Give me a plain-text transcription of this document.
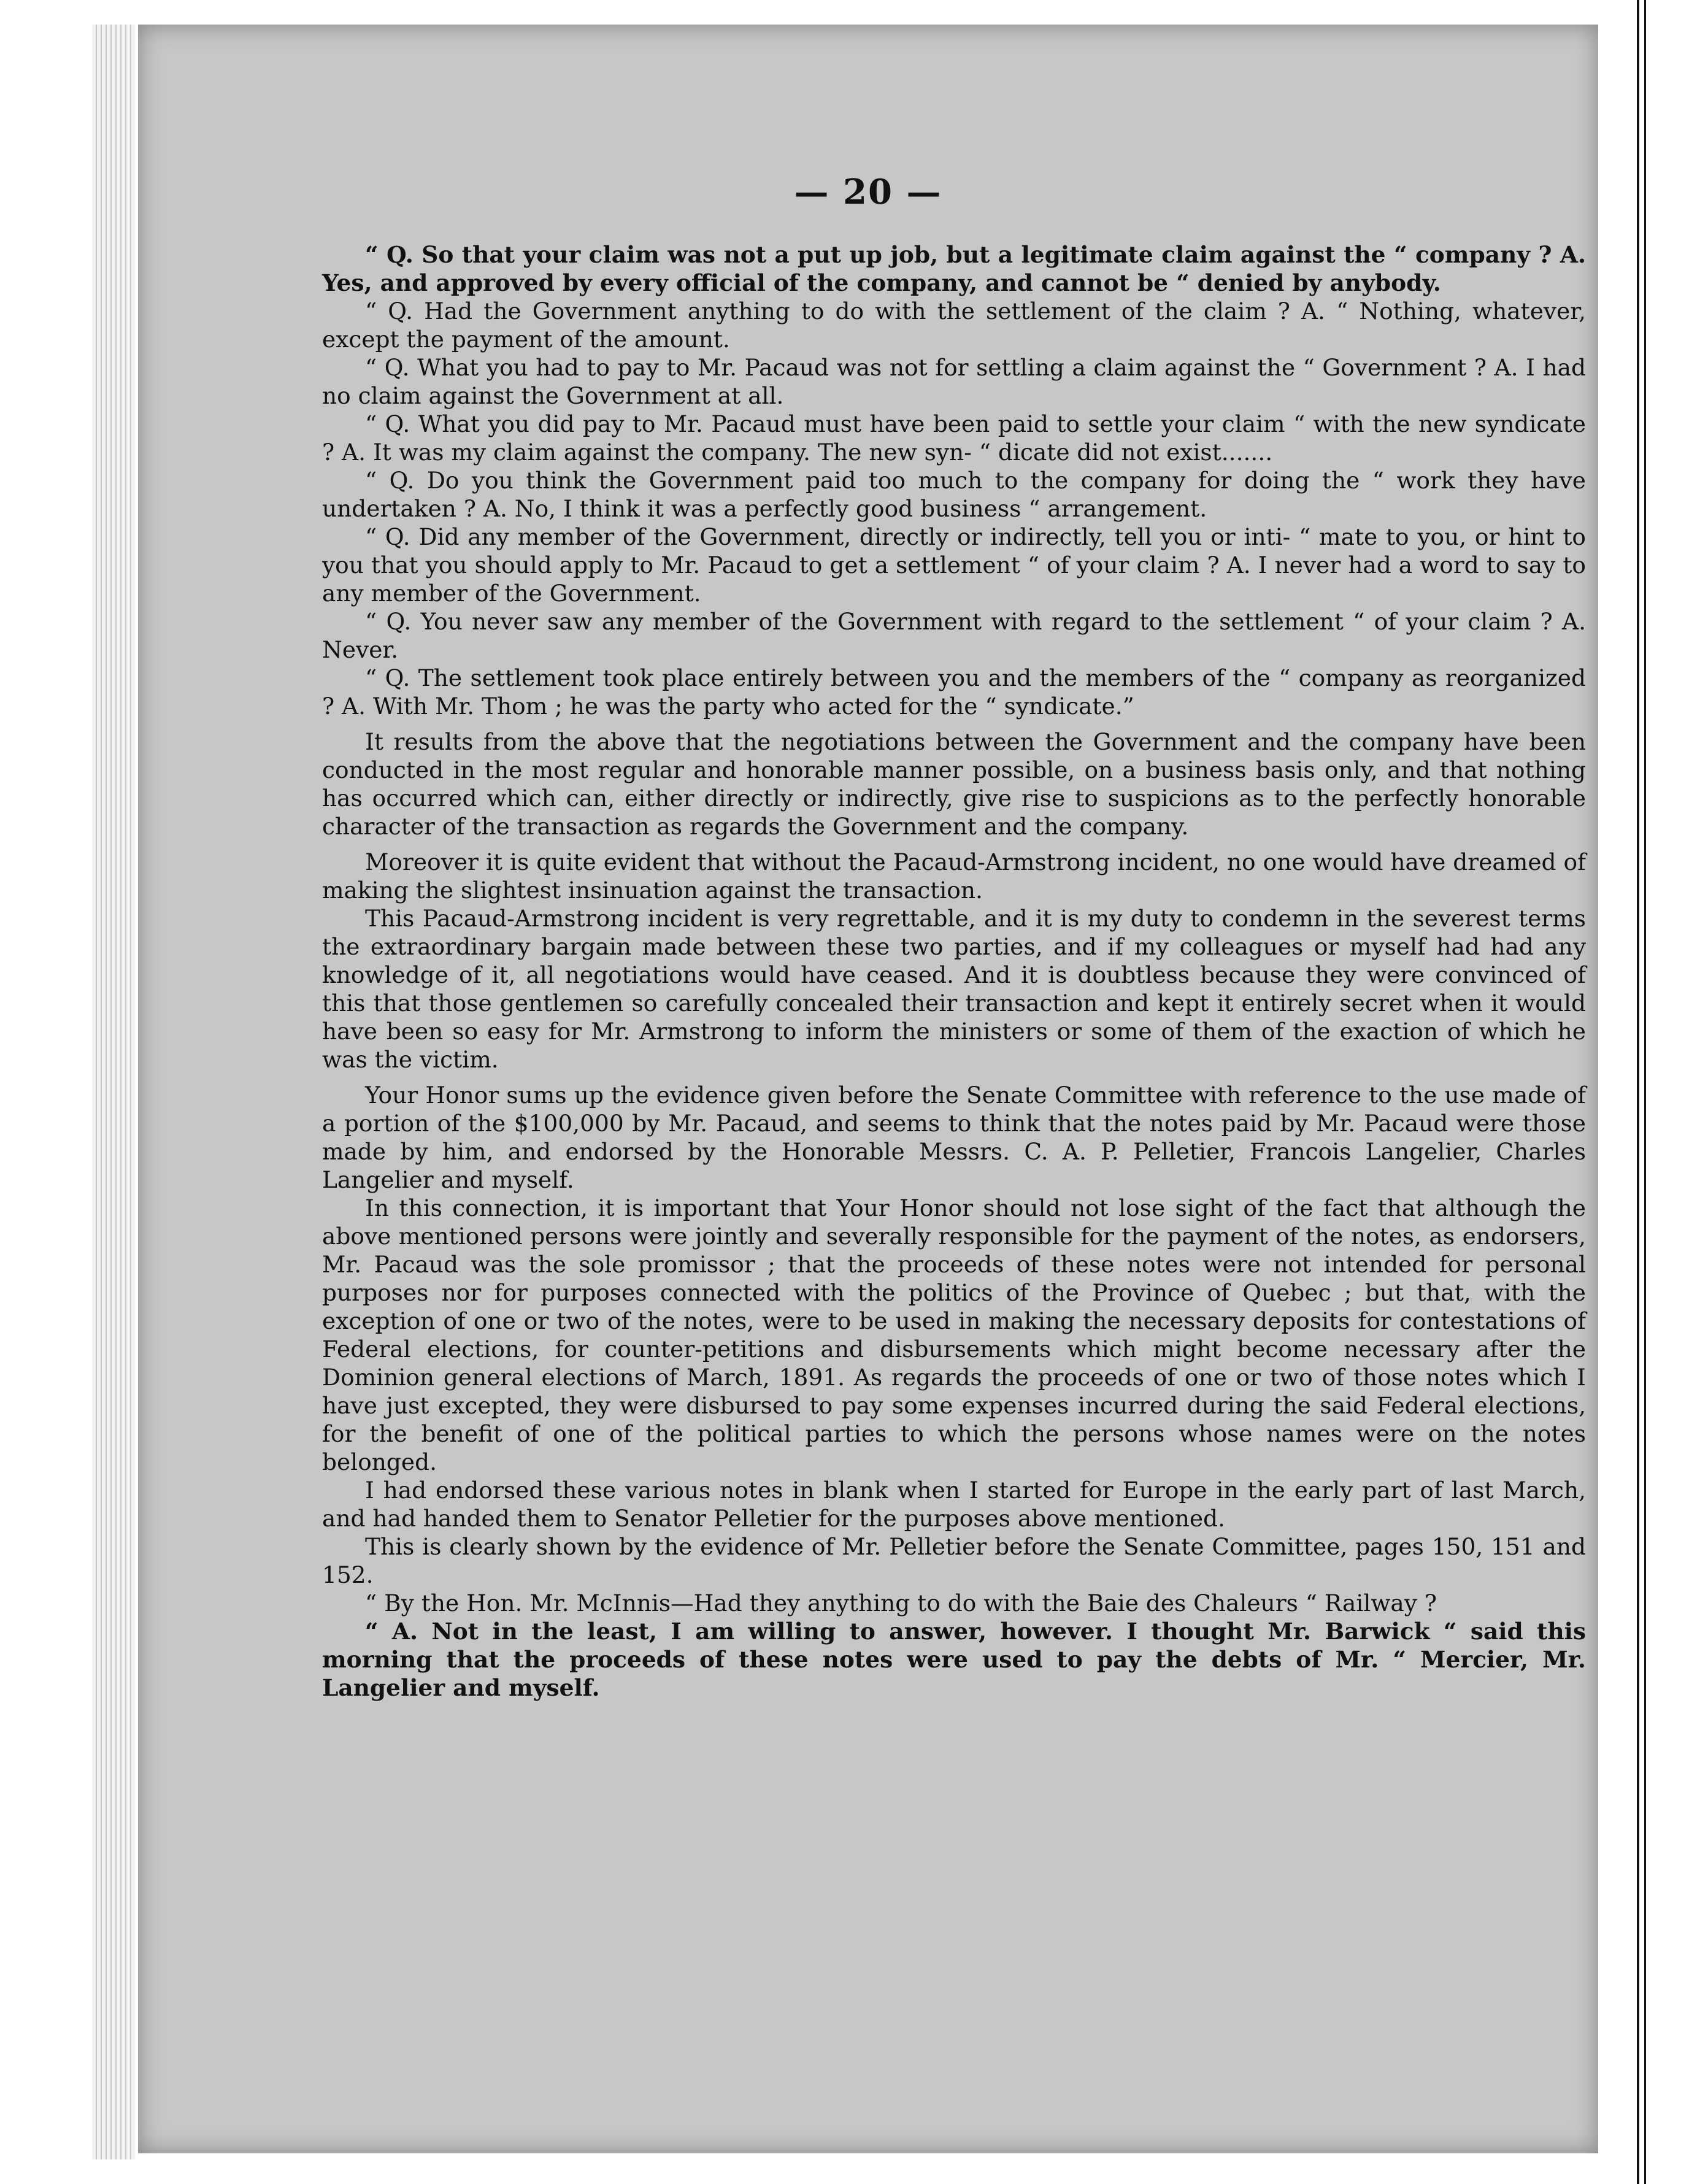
— 20 —

“ Q. So that your claim was not a put up job, but a legitimate claim against the “ company ? A. Yes, and approved by every official of the company, and cannot be “ denied by anybody.

“ Q. Had the Government anything to do with the settlement of the claim ? A. “ Nothing, whatever, except the payment of the amount.

“ Q. What you had to pay to Mr. Pacaud was not for settling a claim against the “ Government ? A. I had no claim against the Government at all.

“ Q. What you did pay to Mr. Pacaud must have been paid to settle your claim “ with the new syndicate ? A. It was my claim against the company. The new syn- “ dicate did not exist.......

“ Q. Do you think the Government paid too much to the company for doing the “ work they have undertaken ? A. No, I think it was a perfectly good business “ arrangement.

“ Q. Did any member of the Government, directly or indirectly, tell you or inti- “ mate to you, or hint to you that you should apply to Mr. Pacaud to get a settlement “ of your claim ? A. I never had a word to say to any member of the Government.

“ Q. You never saw any member of the Government with regard to the settlement “ of your claim ? A. Never.

“ Q. The settlement took place entirely between you and the members of the “ company as reorganized ? A. With Mr. Thom ; he was the party who acted for the “ syndicate.”

It results from the above that the negotiations between the Government and the company have been conducted in the most regular and honorable manner possible, on a business basis only, and that nothing has occurred which can, either directly or indirectly, give rise to suspicions as to the perfectly honorable character of the transaction as regards the Government and the company.

Moreover it is quite evident that without the Pacaud-Armstrong incident, no one would have dreamed of making the slightest insinuation against the transaction.

This Pacaud-Armstrong incident is very regrettable, and it is my duty to condemn in the severest terms the extraordinary bargain made between these two parties, and if my colleagues or myself had had any knowledge of it, all negotiations would have ceased. And it is doubtless because they were convinced of this that those gentlemen so carefully concealed their transaction and kept it entirely secret when it would have been so easy for Mr. Armstrong to inform the ministers or some of them of the exaction of which he was the victim.

Your Honor sums up the evidence given before the Senate Committee with reference to the use made of a portion of the $100,000 by Mr. Pacaud, and seems to think that the notes paid by Mr. Pacaud were those made by him, and endorsed by the Honorable Messrs. C. A. P. Pelletier, Francois Langelier, Charles Langelier and myself.

In this connection, it is important that Your Honor should not lose sight of the fact that although the above mentioned persons were jointly and severally responsible for the payment of the notes, as endorsers, Mr. Pacaud was the sole promissor ; that the proceeds of these notes were not intended for personal purposes nor for purposes connected with the politics of the Province of Quebec ; but that, with the exception of one or two of the notes, were to be used in making the necessary deposits for contestations of Federal elections, for counter-petitions and disbursements which might become necessary after the Dominion general elections of March, 1891. As regards the proceeds of one or two of those notes which I have just excepted, they were disbursed to pay some expenses incurred during the said Federal elections, for the benefit of one of the political parties to which the persons whose names were on the notes belonged.

I had endorsed these various notes in blank when I started for Europe in the early part of last March, and had handed them to Senator Pelletier for the purposes above mentioned.

This is clearly shown by the evidence of Mr. Pelletier before the Senate Committee, pages 150, 151 and 152.

“ By the Hon. Mr. McInnis—Had they anything to do with the Baie des Chaleurs “ Railway ?

“ A. Not in the least, I am willing to answer, however. I thought Mr. Barwick “ said this morning that the proceeds of these notes were used to pay the debts of Mr. “ Mercier, Mr. Langelier and myself.
